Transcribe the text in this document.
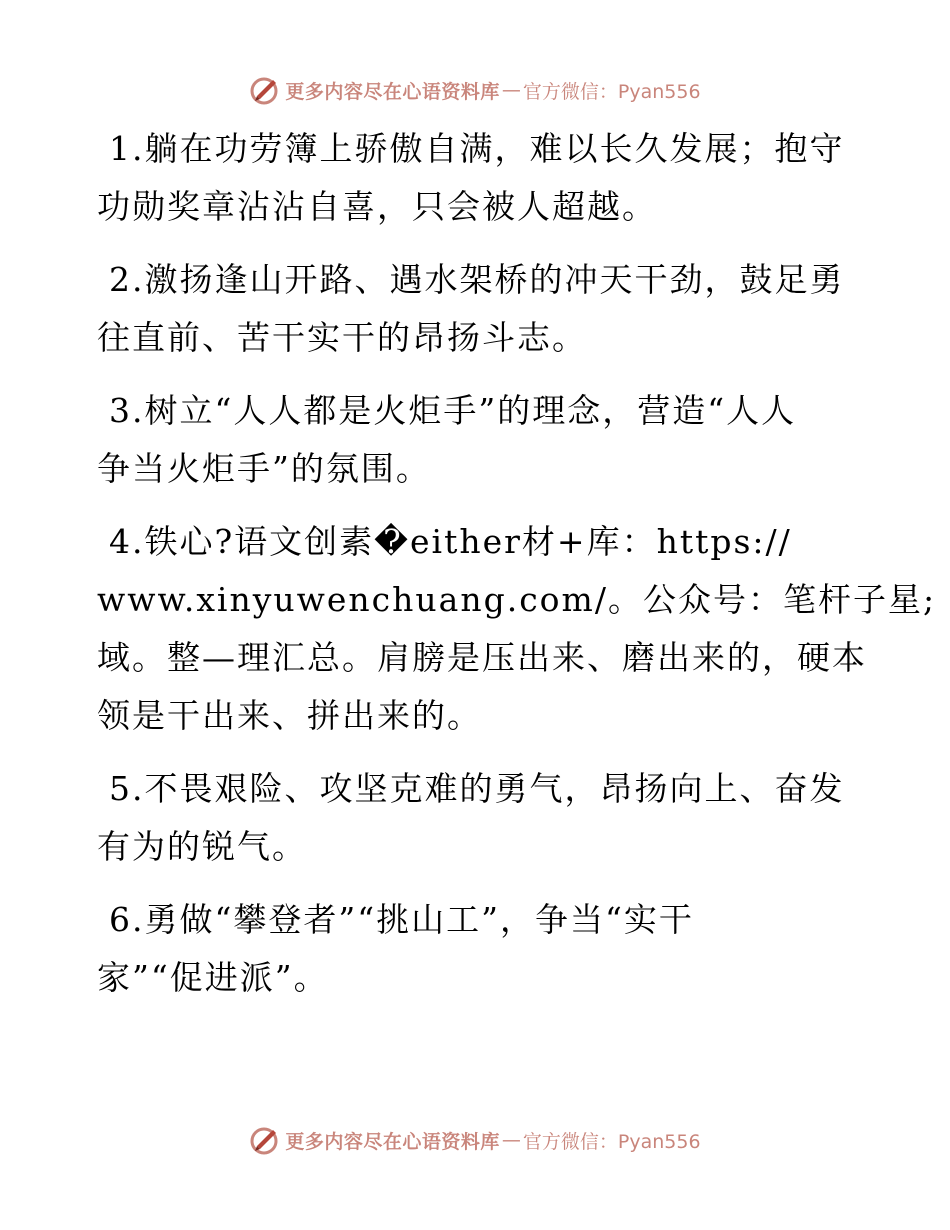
更多内容尽在心语资料库 — 官方微信：Pyan556

1.躺在功劳簿上骄傲自满，难以长久发展；抱守
功勋奖章沾沾自喜，只会被人超越。

2.激扬逢山开路、遇水架桥的冲天干劲，鼓足勇
往直前、苦干实干的昂扬斗志。

3.树立“人人都是火炬手”的理念，营造“人人
争当火炬手”的氛围。

4.铁心?语文创素�either材+库：https://
www.xinyuwenchuang.com/。公众号：笔杆子星;
域。整—理汇总。肩膀是压出来、磨出来的，硬本
领是干出来、拼出来的。

5.不畏艰险、攻坚克难的勇气，昂扬向上、奋发
有为的锐气。

6.勇做“攀登者”“挑山工”，争当“实干
家”“促进派”。

更多内容尽在心语资料库 — 官方微信：Pyan556
